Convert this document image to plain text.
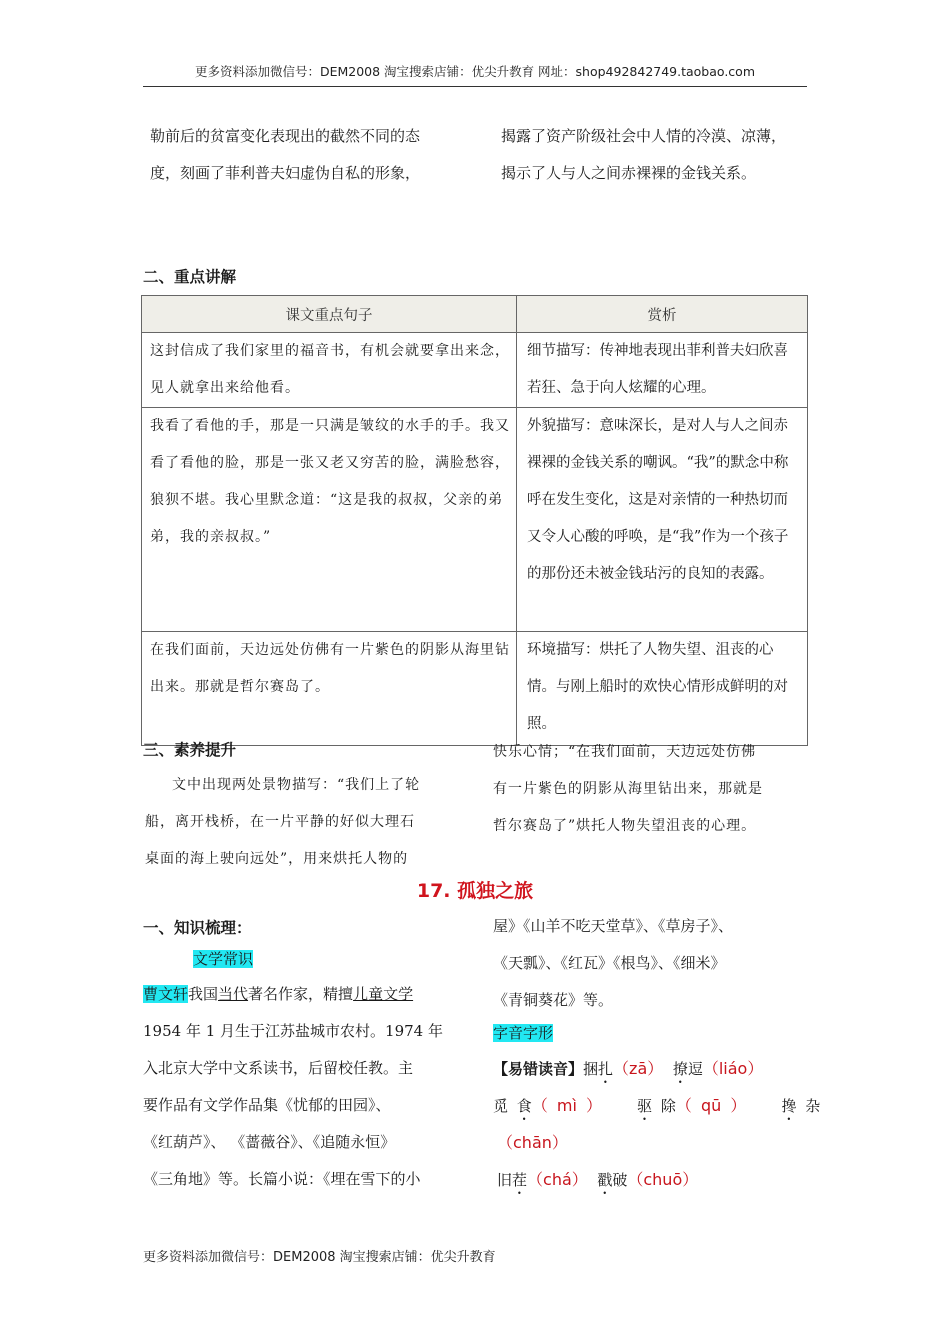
更多资料添加微信号：DEM2008 淘宝搜索店铺：优尖升教育 网址：shop492842749.taobao.com
勒前后的贫富变化表现出的截然不同的态
度，刻画了菲利普夫妇虚伪自私的形象，
揭露了资产阶级社会中人情的冷漠、凉薄，
揭示了人与人之间赤裸裸的金钱关系。
二、重点讲解
课文重点句子	赏析
这封信成了我们家里的福音书，有机会就要拿出来念，见人就拿出来给他看。	细节描写：传神地表现出菲利普夫妇欣喜若狂、急于向人炫耀的心理。
我看了看他的手，那是一只满是皱纹的水手的手。我又看了看他的脸，那是一张又老又穷苦的脸，满脸愁容，狼狈不堪。我心里默念道：“这是我的叔叔，父亲的弟弟，我的亲叔叔。”	外貌描写：意味深长，是对人与人之间赤裸裸的金钱关系的嘲讽。“我”的默念中称呼在发生变化，这是对亲情的一种热切而又令人心酸的呼唤，是“我”作为一个孩子的那份还未被金钱玷污的良知的表露。
在我们面前，天边远处仿佛有一片紫色的阴影从海里钻出来。那就是哲尔赛岛了。	环境描写：烘托了人物失望、沮丧的心情。与刚上船时的欢快心情形成鲜明的对照。
三、素养提升
文中出现两处景物描写：“我们上了轮
船，离开栈桥，在一片平静的好似大理石
桌面的海上驶向远处”，用来烘托人物的
快乐心情；“在我们面前，天边远处仿佛
有一片紫色的阴影从海里钻出来，那就是
哲尔赛岛了”烘托人物失望沮丧的心理。
17. 孤独之旅
一、知识梳理：
文学常识
曹文轩我国当代著名作家，精擅儿童文学
1954 年 1 月生于江苏盐城市农村。1974 年
入北京大学中文系读书，后留校任教。主
要作品有文学作品集《忧郁的田园》、
《红葫芦》、 《蔷薇谷》、《追随永恒》
《三角地》等。长篇小说：《埋在雪下的小
屋》《山羊不吃天堂草》、《草房子》、
《天瓢》、《红瓦》《根鸟》、《细米》
《青铜葵花》等。
字音字形
【易错读音】捆扎（zā） 撩逗（liáo）
觅 食（ mì ） 驱 除（ qū ） 搀 杂
（chān）
旧茬（chá） 戳破（chuō）
更多资料添加微信号：DEM2008 淘宝搜索店铺：优尖升教育
